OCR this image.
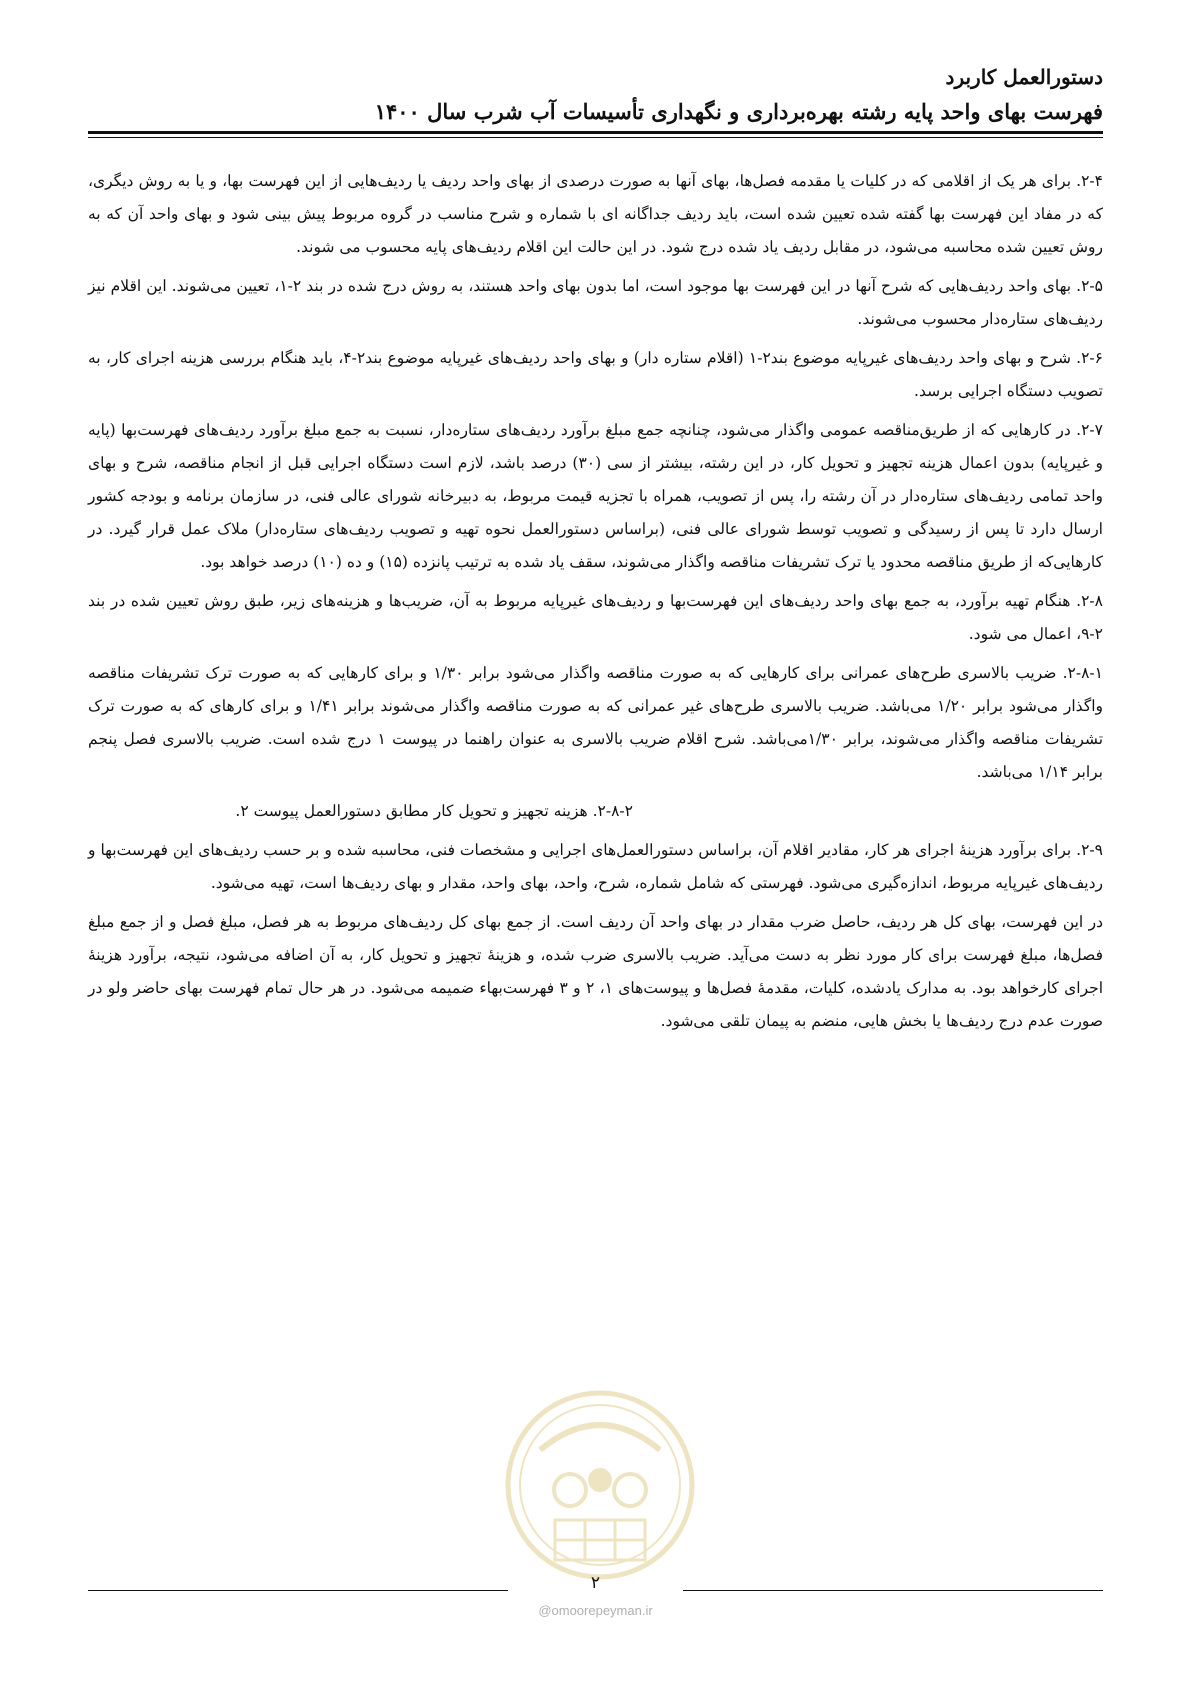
دستورالعمل کاربرد
فهرست بهای واحد پایه رشته بهره‌برداری و نگهداری تأسیسات آب شرب سال ۱۴۰۰

۲-۴. برای هر یک از اقلامی که در کلیات یا مقدمه فصل‌ها، بهای آنها به صورت درصدی از بهای واحد ردیف یا ردیف‌هایی از این فهرست بها، و یا به روش دیگری، که در مفاد این فهرست بها گفته شده تعیین شده است، باید ردیف جداگانه ای با شماره و شرح مناسب در گروه مربوط پیش بینی شود و بهای واحد آن که به روش تعیین شده محاسبه می‌شود، در مقابل ردیف یاد شده درج شود. در این حالت این اقلام ردیف‌های پایه محسوب می شوند.

۲-۵. بهای واحد ردیف‌هایی که شرح آنها در این فهرست بها موجود است، اما بدون بهای واحد هستند، به روش درج شده در بند ۲-۱، تعیین می‌شوند. این اقلام نیز ردیف‌های ستاره‌دار محسوب می‌شوند.

۲-۶. شرح و بهای واحد ردیف‌های غیرپایه موضوع بند۲-۱ (اقلام ستاره دار) و بهای واحد ردیف‌های غیرپایه موضوع بند۲-۴، باید هنگام بررسی هزینه اجرای کار، به تصویب دستگاه اجرایی برسد.

۲-۷. در کارهایی که از طریق‌مناقصه عمومی واگذار می‌شود، چنانچه جمع مبلغ برآورد ردیف‌های ستاره‌دار، نسبت به جمع مبلغ برآورد ردیف‌های فهرست‌بها (پایه و غیرپایه) بدون اعمال هزینه تجهیز و تحویل کار، در این رشته، بیشتر از سی (۳۰) درصد باشد، لازم است دستگاه اجرایی قبل از انجام مناقصه، شرح و بهای واحد تمامی ردیف‌های ستاره‌دار در آن رشته را، پس از تصویب، همراه با تجزیه قیمت مربوط، به دبیرخانه شورای عالی فنی، در سازمان برنامه و بودجه کشور ارسال دارد تا پس از رسیدگی و تصویب توسط شورای عالی فنی، (براساس دستورالعمل نحوه تهیه و تصویب ردیف‌های ستاره‌دار) ملاک عمل قرار گیرد. در کارهایی‌که از طریق مناقصه محدود یا ترک تشریفات مناقصه واگذار می‌شوند، سقف یاد شده به ترتیب پانزده (۱۵) و ده (۱۰) درصد خواهد بود.

۲-۸. هنگام تهیه برآورد، به جمع بهای واحد ردیف‌های این فهرست‌بها و ردیف‌های غیرپایه مربوط به آن، ضریب‌ها و هزینه‌های زیر، طبق روش تعیین شده در بند ۲-۹، اعمال می شود.

۲-۸-۱. ضریب بالاسری طرح‌های عمرانی برای کارهایی که به صورت مناقصه واگذار می‌شود برابر ۱/۳۰ و برای کارهایی که به صورت ترک تشریفات مناقصه واگذار می‌شود برابر ۱/۲۰ می‌باشد. ضریب بالاسری طرح‌های غیر عمرانی که به صورت مناقصه واگذار می‌شوند برابر ۱/۴۱ و برای کارهای که به صورت ترک تشریفات مناقصه واگذار می‌شوند، برابر ۱/۳۰می‌باشد. شرح اقلام ضریب بالاسری به عنوان راهنما در پیوست ۱ درج شده است. ضریب بالاسری فصل پنجم برابر ۱/۱۴ می‌باشد.

۲-۸-۲. هزینه تجهیز و تحویل کار مطابق دستورالعمل پیوست ۲.

۲-۹. برای برآورد هزینهٔ اجرای هر کار، مقادیر اقلام آن، براساس دستورالعمل‌های اجرایی و مشخصات فنی، محاسبه شده و بر حسب ردیف‌های این فهرست‌بها و ردیف‌های غیرپایه مربوط، اندازه‌گیری می‌شود. فهرستی که شامل شماره، شرح، واحد، بهای واحد، مقدار و بهای ردیف‌ها است، تهیه می‌شود.

در این فهرست، بهای کل هر ردیف، حاصل ضرب مقدار در بهای واحد آن ردیف است. از جمع بهای کل ردیف‌های مربوط به هر فصل، مبلغ فصل و از جمع مبلغ فصل‌ها، مبلغ فهرست برای کار مورد نظر به دست می‌آید. ضریب بالاسری ضرب شده، و هزینهٔ تجهیز و تحویل کار، به آن اضافه می‌شود، نتیجه، برآورد هزینهٔ اجرای کارخواهد بود. به مدارک یادشده، کلیات، مقدمهٔ فصل‌ها و پیوست‌های ۱، ۲ و ۳ فهرست‌بهاء ضمیمه می‌شود. در هر حال تمام فهرست بهای حاضر ولو در صورت عدم درج ردیف‌ها یا بخش هایی، منضم به پیمان تلقی می‌شود.

۲
@omoorepeyman.ir
